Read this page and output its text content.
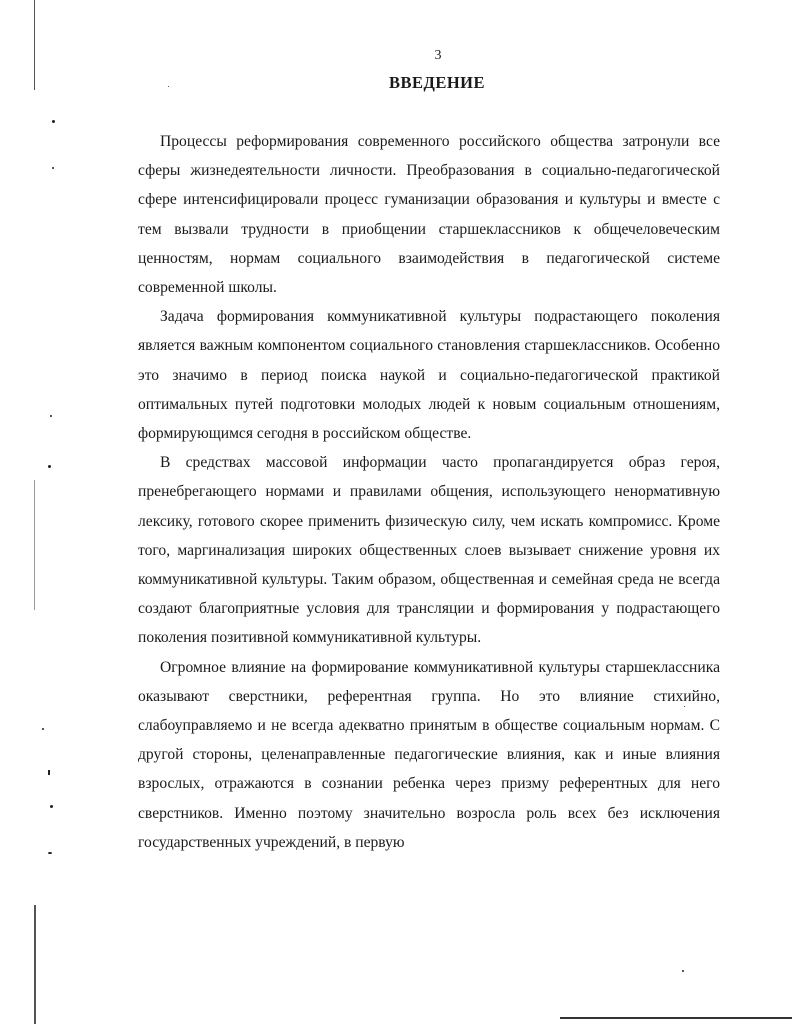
3
ВВЕДЕНИЕ

Процессы реформирования современного российского общества затронули все сферы жизнедеятельности личности. Преобразования в социально-педагогической сфере интенсифицировали процесс гуманизации образования и культуры и вместе с тем вызвали трудности в приобщении старшеклассников к общечеловеческим ценностям, нормам социального взаимодействия в педагогической системе современной школы.

Задача формирования коммуникативной культуры подрастающего поколения является важным компонентом социального становления старшеклассников. Особенно это значимо в период поиска наукой и социально-педагогической практикой оптимальных путей подготовки молодых людей к новым социальным отношениям, формирующимся сегодня в российском обществе.

В средствах массовой информации часто пропагандируется образ героя, пренебрегающего нормами и правилами общения, использующего ненормативную лексику, готового скорее применить физическую силу, чем искать компромисс. Кроме того, маргинализация широких общественных слоев вызывает снижение уровня их коммуникативной культуры. Таким образом, общественная и семейная среда не всегда создают благоприятные условия для трансляции и формирования у подрастающего поколения позитивной коммуникативной культуры.

Огромное влияние на формирование коммуникативной культуры старшеклассника оказывают сверстники, референтная группа. Но это влияние стихийно, слабоуправляемо и не всегда адекватно принятым в обществе социальным нормам. С другой стороны, целенаправленные педагогические влияния, как и иные влияния взрослых, отражаются в сознании ребенка через призму референтных для него сверстников. Именно поэтому значительно возросла роль всех без исключения государственных учреждений, в первую
